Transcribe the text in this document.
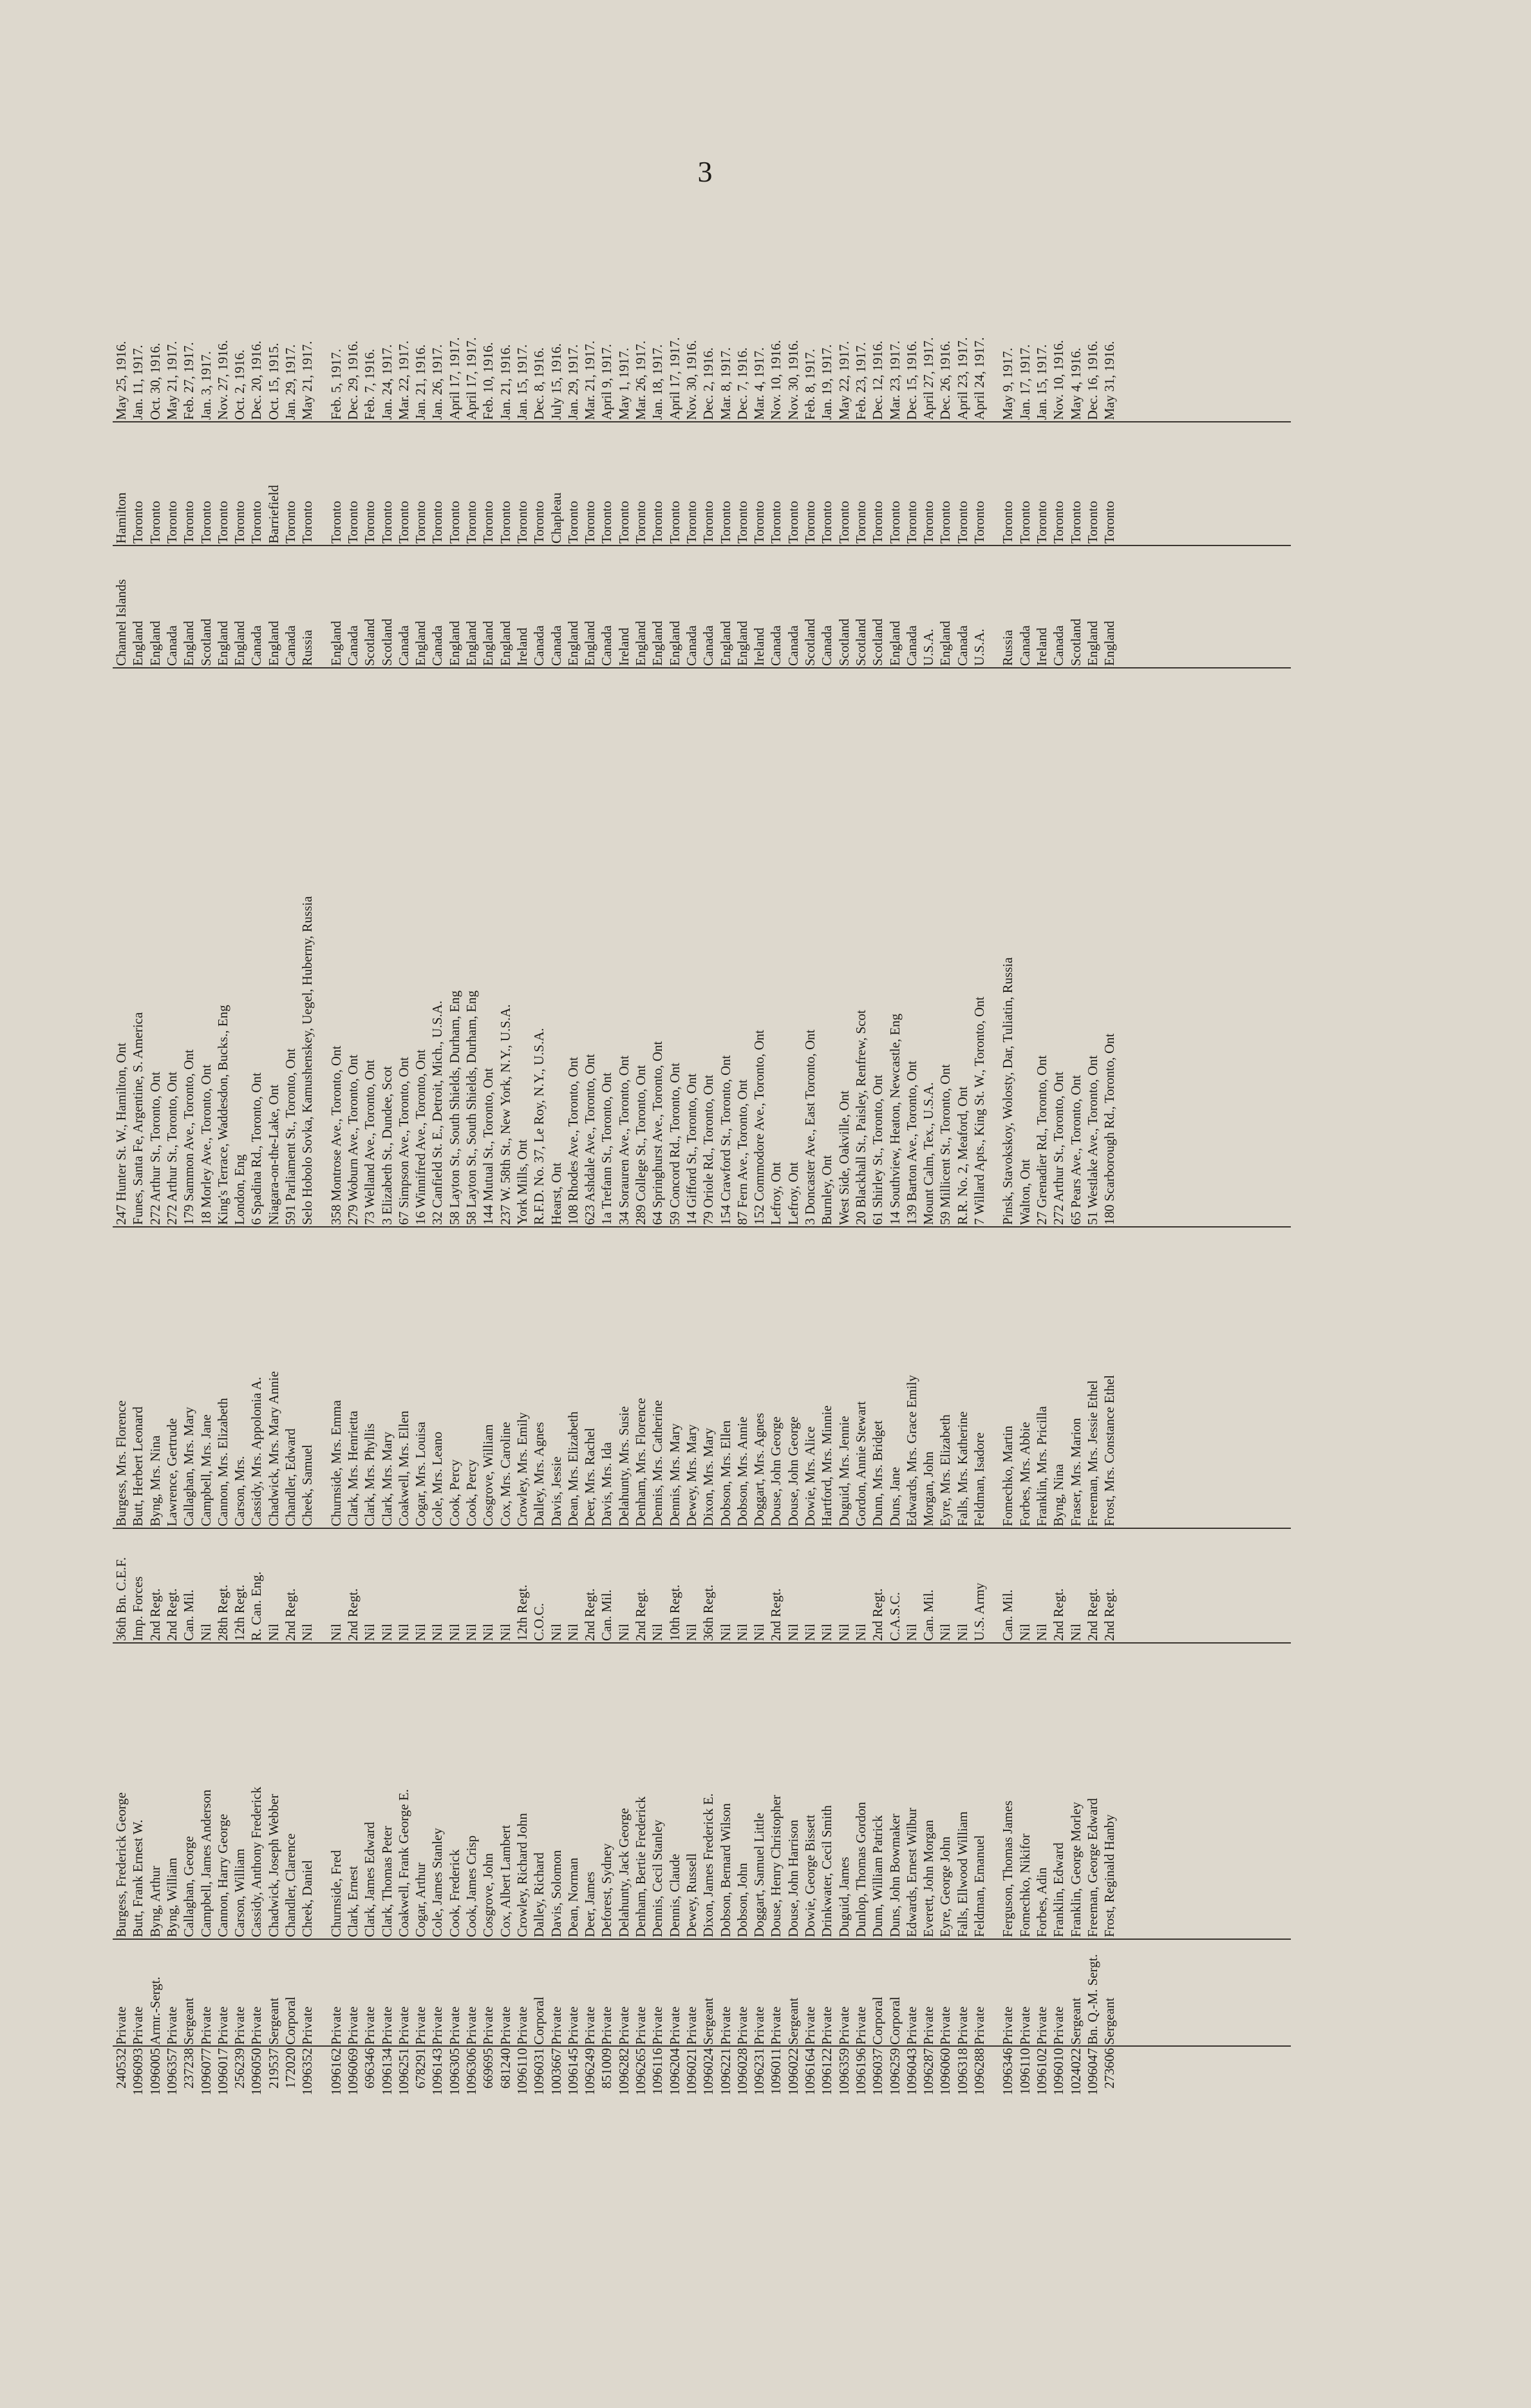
3
240532
Private
Burgess, Frederick George
36th Bn. C.E.F.
Burgess, Mrs. Florence
247 Hunter St. W., Hamilton, Ont
Channel Islands
Hamilton
May 25, 1916.
1096093
Private
Butt, Frank Ernest W.
Imp. Forces
Butt, Herbert Leonard
Funes, Santa Fe, Argentine, S. America
England
Toronto
Jan. 11, 1917.
1096005
Armr.-Sergt.
Byng, Arthur
2nd Regt.
Byng, Mrs. Nina
272 Arthur St., Toronto, Ont
England
Toronto
Oct. 30, 1916.
1096357
Private
Byng, William
2nd Regt.
Lawrence, Gertrude
272 Arthur St., Toronto, Ont
Canada
Toronto
May 21, 1917.
237238
Sergeant
Callaghan, George
Can. Mil.
Callaghan, Mrs. Mary
179 Sammon Ave., Toronto, Ont
England
Toronto
Feb. 27, 1917.
1096077
Private
Campbell, James Anderson
Nil
Campbell, Mrs. Jane
18 Morley Ave., Toronto, Ont
Scotland
Toronto
Jan. 3, 1917.
1096017
Private
Cannon, Harry George
28th Regt.
Cannon, Mrs. Elizabeth
King's Terrace, Waddesdon, Bucks., Eng
England
Toronto
Nov. 27, 1916.
256239
Private
Carson, William
12th Regt.
Carson, Mrs.
London, Eng
England
Toronto
Oct. 2, 1916.
1096050
Private
Cassidy, Anthony Frederick
R. Can. Eng.
Cassidy, Mrs. Appolonia A.
6 Spadina Rd., Toronto, Ont
Canada
Toronto
Dec. 20, 1916.
219537
Sergeant
Chadwick, Joseph Webber
Nil
Chadwick, Mrs. Mary Annie
Niagara-on-the-Lake, Ont
England
Barriefield
Oct. 15, 1915.
172020
Corporal
Chandler, Clarence
2nd Regt.
Chandler, Edward
591 Parliament St., Toronto, Ont
Canada
Toronto
Jan. 29, 1917.
1096352
Private
Cheek, Daniel
Nil
Cheek, Samuel
Selo Hobolo Sovka, Kamushenskey, Uegel, Huberny, Russia
Russia
Toronto
May 21, 1917.
1096162
Private
Churnside, Fred
Nil
Churnside, Mrs. Emma
358 Montrose Ave., Toronto, Ont
England
Toronto
Feb. 5, 1917.
1096069
Private
Clark, Ernest
2nd Regt.
Clark, Mrs. Henrietta
279 Woburn Ave., Toronto, Ont
Canada
Toronto
Dec. 29, 1916.
696346
Private
Clark, James Edward
Nil
Clark, Mrs. Phyllis
73 Welland Ave., Toronto, Ont
Scotland
Toronto
Feb. 7, 1916.
1096134
Private
Clark, Thomas Peter
Nil
Clark, Mrs. Mary
3 Elizabeth St., Dundee, Scot
Scotland
Toronto
Jan. 24, 1917.
1096251
Private
Coakwell, Frank George E.
Nil
Coakwell, Mrs. Ellen
67 Simpson Ave., Toronto, Ont
Canada
Toronto
Mar. 22, 1917.
678291
Private
Cogar, Arthur
Nil
Cogar, Mrs. Louisa
16 Winnifred Ave., Toronto, Ont
England
Toronto
Jan. 21, 1916.
1096143
Private
Cole, James Stanley
Nil
Cole, Mrs. Leano
32 Canfield St. E., Detroit, Mich., U.S.A.
Canada
Toronto
Jan. 26, 1917.
1096305
Private
Cook, Frederick
Nil
Cook, Percy
58 Layton St., South Shields, Durham, Eng
England
Toronto
April 17, 1917.
1096306
Private
Cook, James Crisp
Nil
Cook, Percy
58 Layton St., South Shields, Durham, Eng
England
Toronto
April 17, 1917.
669695
Private
Cosgrove, John
Nil
Cosgrove, William
144 Mutual St., Toronto, Ont
England
Toronto
Feb. 10, 1916.
681240
Private
Cox, Albert Lambert
Nil
Cox, Mrs. Caroline
237 W. 58th St., New York, N.Y., U.S.A.
England
Toronto
Jan. 21, 1916.
1096110
Private
Crowley, Richard John
12th Regt.
Crowley, Mrs. Emily
York Mills, Ont
Ireland
Toronto
Jan. 15, 1917.
1096031
Corporal
Dalley, Richard
C.O.C.
Dalley, Mrs. Agnes
R.F.D. No. 37, Le Roy, N.Y., U.S.A.
Canada
Toronto
Dec. 8, 1916.
1003667
Private
Davis, Solomon
Nil
Davis, Jessie
Hearst, Ont
Canada
Chapleau
July 15, 1916.
1096145
Private
Dean, Norman
Nil
Dean, Mrs. Elizabeth
108 Rhodes Ave., Toronto, Ont
England
Toronto
Jan. 29, 1917.
1096249
Private
Deer, James
2nd Regt.
Deer, Mrs. Rachel
623 Ashdale Ave., Toronto, Ont
England
Toronto
Mar. 21, 1917.
851009
Private
Deforest, Sydney
Can. Mil.
Davis, Mrs. Ida
1a Trefann St., Toronto, Ont
Canada
Toronto
April 9, 1917.
1096282
Private
Delahunty, Jack George
Nil
Delahunty, Mrs. Susie
34 Sorauren Ave., Toronto, Ont
Ireland
Toronto
May 1, 1917.
1096265
Private
Denham, Bertie Frederick
2nd Regt.
Denham, Mrs. Florence
289 College St., Toronto, Ont
England
Toronto
Mar. 26, 1917.
1096116
Private
Dennis, Cecil Stanley
Nil
Dennis, Mrs. Catherine
64 Springhurst Ave., Toronto, Ont
England
Toronto
Jan. 18, 1917.
1096204
Private
Dennis, Claude
10th Regt.
Dennis, Mrs. Mary
59 Concord Rd., Toronto, Ont
England
Toronto
April 17, 1917.
1096021
Private
Dewey, Russell
Nil
Dewey, Mrs. Mary
14 Gifford St., Toronto, Ont
Canada
Toronto
Nov. 30, 1916.
1096024
Sergeant
Dixon, James Frederick E.
36th Regt.
Dixon, Mrs. Mary
79 Oriole Rd., Toronto, Ont
Canada
Toronto
Dec. 2, 1916.
1096221
Private
Dobson, Bernard Wilson
Nil
Dobson, Mrs. Ellen
154 Crawford St., Toronto, Ont
England
Toronto
Mar. 8, 1917.
1096028
Private
Dobson, John
Nil
Dobson, Mrs. Annie
87 Fern Ave., Toronto, Ont
England
Toronto
Dec. 7, 1916.
1096231
Private
Doggart, Samuel Little
Nil
Doggart, Mrs. Agnes
152 Commodore Ave., Toronto, Ont
Ireland
Toronto
Mar. 4, 1917.
1096011
Private
Douse, Henry Christopher
2nd Regt.
Douse, John George
Lefroy, Ont
Canada
Toronto
Nov. 10, 1916.
1096022
Sergeant
Douse, John Harrison
Nil
Douse, John George
Lefroy, Ont
Canada
Toronto
Nov. 30, 1916.
1096164
Private
Dowie, George Bissett
Nil
Dowie, Mrs. Alice
3 Doncaster Ave., East Toronto, Ont
Scotland
Toronto
Feb. 8, 1917.
1096122
Private
Drinkwater, Cecil Smith
Nil
Hartford, Mrs. Minnie
Burnley, Ont
Canada
Toronto
Jan. 19, 1917.
1096359
Private
Duguid, James
Nil
Duguid, Mrs. Jennie
West Side, Oakville, Ont
Scotland
Toronto
May 22, 1917.
1096196
Private
Dunlop, Thomas Gordon
Nil
Gordon, Annie Stewart
20 Blackhall St., Paisley, Renfrew, Scot
Scotland
Toronto
Feb. 23, 1917.
1096037
Corporal
Dunn, William Patrick
2nd Regt.
Dunn, Mrs. Bridget
61 Shirley St., Toronto, Ont
Scotland
Toronto
Dec. 12, 1916.
1096259
Corporal
Duns, John Bowmaker
C.A.S.C.
Duns, Jane
14 Southview, Heaton, Newcastle, Eng
England
Toronto
Mar. 23, 1917.
1096043
Private
Edwards, Ernest Wilbur
Nil
Edwards, Mrs. Grace Emily
139 Barton Ave., Toronto, Ont
Canada
Toronto
Dec. 15, 1916.
1096287
Private
Everett, John Morgan
Can. Mil.
Morgan, John
Mount Calm, Tex., U.S.A.
U.S.A.
Toronto
April 27, 1917.
1096060
Private
Eyre, George John
Nil
Eyre, Mrs. Elizabeth
59 Millicent St., Toronto, Ont
England
Toronto
Dec. 26, 1916.
1096318
Private
Falls, Ellwood William
Nil
Falls, Mrs. Katherine
R.R. No. 2, Meaford, Ont
Canada
Toronto
April 23, 1917.
1096288
Private
Feldman, Emanuel
U.S. Army
Feldman, Isadore
7 Willard Apts., King St. W., Toronto, Ont
U.S.A.
Toronto
April 24, 1917.
1096346
Private
Ferguson, Thomas James
Can. Mil.
Fomechko, Martin
Pinsk, Stavokskoy, Wolosty, Dar, Tuliatin, Russia
Russia
Toronto
May 9, 1917.
1096110
Private
Fomechko, Nikifor
Nil
Forbes, Mrs. Abbie
Walton, Ont
Canada
Toronto
Jan. 17, 1917.
1096102
Private
Forbes, Adin
Nil
Franklin, Mrs. Pricilla
27 Grenadier Rd., Toronto, Ont
Ireland
Toronto
Jan. 15, 1917.
1096010
Private
Franklin, Edward
2nd Regt.
Byng, Nina
272 Arthur St., Toronto, Ont
Canada
Toronto
Nov. 10, 1916.
1024022
Sergeant
Franklin, George Morley
Nil
Fraser, Mrs. Marion
65 Pears Ave., Toronto, Ont
Scotland
Toronto
May 4, 1916.
1096047
Bn. Q.-M. Sergt.
Freeman, George Edward
2nd Regt.
Freeman, Mrs. Jessie Ethel
51 Westlake Ave., Toronto, Ont
England
Toronto
Dec. 16, 1916.
273606
Sergeant
Frost, Reginald Hanby
2nd Regt.
Frost, Mrs. Constance Ethel
180 Scarborough Rd., Toronto, Ont
England
Toronto
May 31, 1916.
